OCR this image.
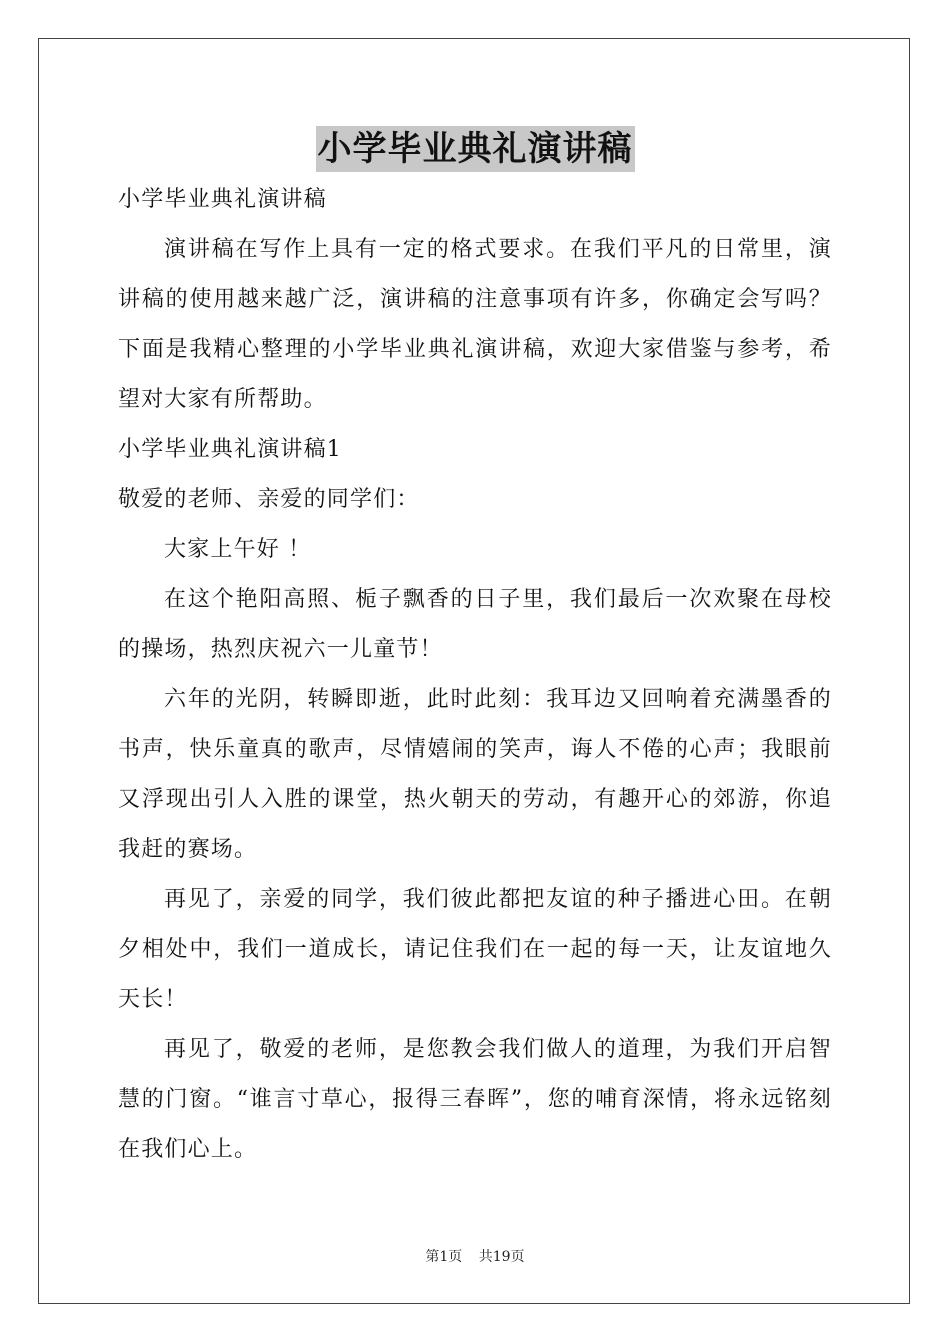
小学毕业典礼演讲稿

小学毕业典礼演讲稿

演讲稿在写作上具有一定的格式要求。在我们平凡的日常里，演讲稿的使用越来越广泛，演讲稿的注意事项有许多，你确定会写吗？下面是我精心整理的小学毕业典礼演讲稿，欢迎大家借鉴与参考，希望对大家有所帮助。

小学毕业典礼演讲稿1

敬爱的老师、亲爱的同学们：

大家上午好 ！

在这个艳阳高照、栀子飘香的日子里，我们最后一次欢聚在母校的操场，热烈庆祝六一儿童节！

六年的光阴，转瞬即逝，此时此刻：我耳边又回响着充满墨香的书声，快乐童真的歌声，尽情嬉闹的笑声，诲人不倦的心声；我眼前又浮现出引人入胜的课堂，热火朝天的劳动，有趣开心的郊游，你追我赶的赛场。

再见了，亲爱的同学，我们彼此都把友谊的种子播进心田。在朝夕相处中，我们一道成长，请记住我们在一起的每一天，让友谊地久天长！

再见了，敬爱的老师，是您教会我们做人的道理，为我们开启智慧的门窗。“谁言寸草心，报得三春晖”，您的哺育深情，将永远铭刻在我们心上。

第1页 共19页
